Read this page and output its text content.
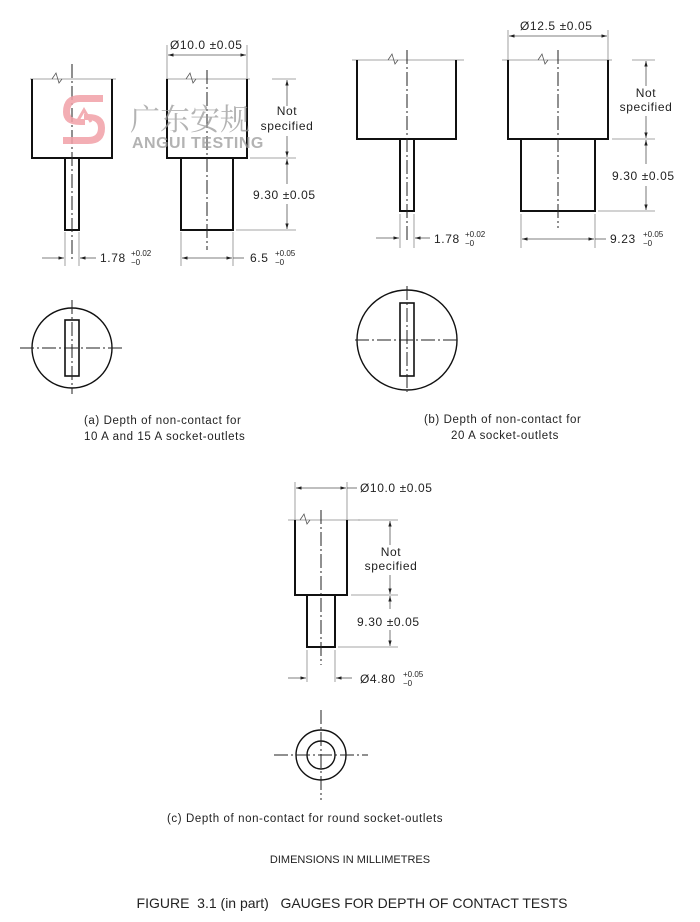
广东安规
ANGUI TESTING
Ø10.0 ±0.05
Not
specified
9.30 ±0.05
1.78 +0.02
−0	6.5 +0.05
−0
(a) Depth of non-contact for
10 A and 15 A socket-outlets
Ø12.5 ±0.05
Not
specified
9.30 ±0.05
1.78 +0.02
−0	9.23 +0.05
−0
(b) Depth of non-contact for
20 A socket-outlets
Ø10.0 ±0.05
Not
specified
9.30 ±0.05
Ø4.80 +0.05
−0
(c) Depth of non-contact for round socket-outlets
DIMENSIONS IN MILLIMETRES
FIGURE  3.1 (in part)   GAUGES FOR DEPTH OF CONTACT TESTS
